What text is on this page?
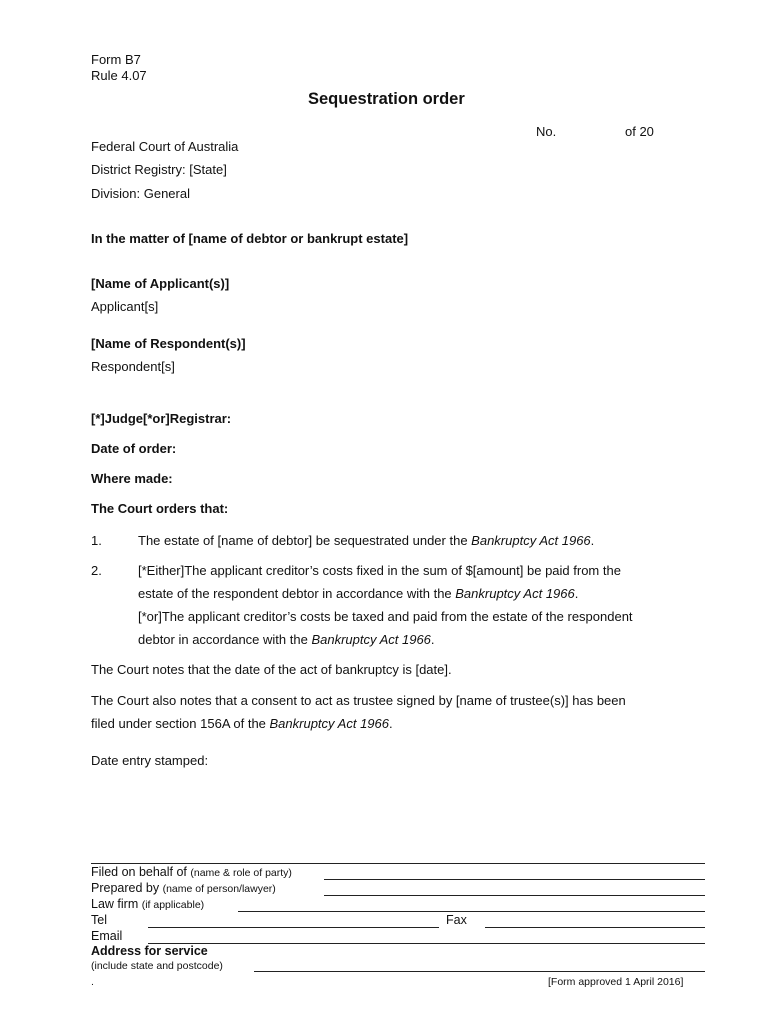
Form B7
Rule 4.07
Sequestration order
No.	of 20
Federal Court of Australia
District Registry: [State]
Division: General
In the matter of [name of debtor or bankrupt estate]
[Name of Applicant(s)]
Applicant[s]
[Name of Respondent(s)]
Respondent[s]
[*]Judge[*or]Registrar:
Date of order:
Where made:
The Court orders that:
1.	The estate of [name of debtor] be sequestrated under the Bankruptcy Act 1966.
2.	[*Either]The applicant creditor’s costs fixed in the sum of $[amount] be paid from the
estate of the respondent debtor in accordance with the Bankruptcy Act 1966.
[*or]The applicant creditor’s costs be taxed and paid from the estate of the respondent
debtor in accordance with the Bankruptcy Act 1966.
The Court notes that the date of the act of bankruptcy is [date].
The Court also notes that a consent to act as trustee signed by [name of trustee(s)] has been
filed under section 156A of the Bankruptcy Act 1966.
Date entry stamped:
Filed on behalf of (name & role of party)
Prepared by (name of person/lawyer)
Law firm (if applicable)
Tel	Fax
Email
Address for service
(include state and postcode)
.	[Form approved 1 April 2016]
